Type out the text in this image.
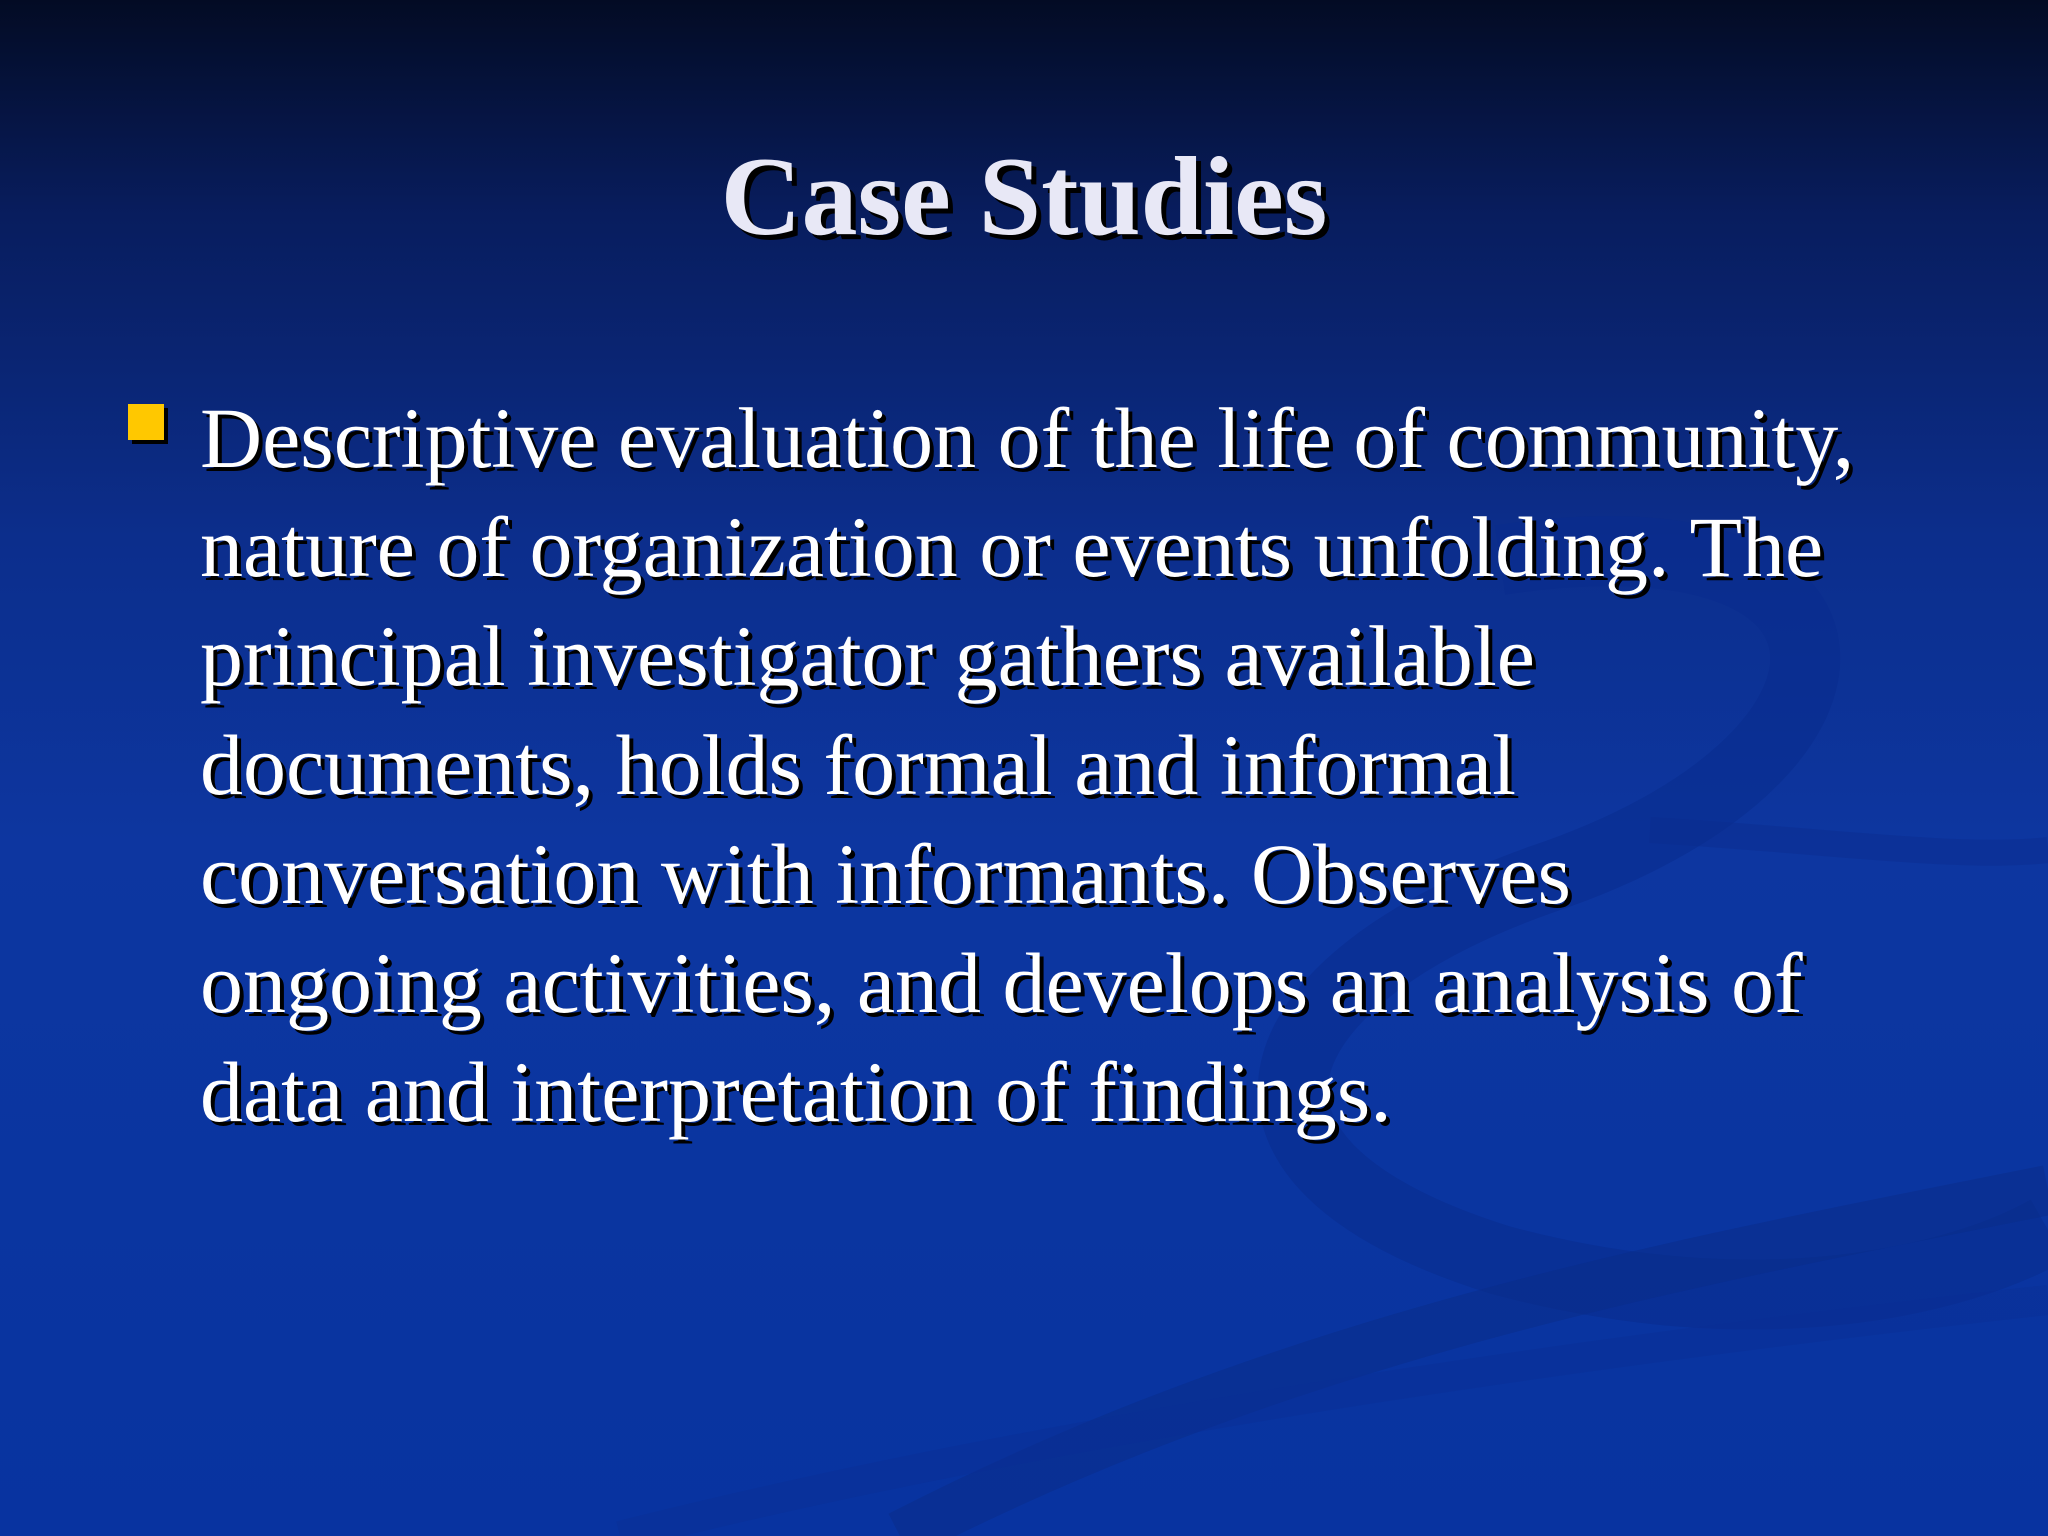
Case Studies
Descriptive evaluation of the life of community,
nature of organization or events unfolding. The
principal investigator gathers available
documents, holds formal and informal
conversation with informants. Observes
ongoing activities, and develops an analysis of
data and interpretation of findings.
